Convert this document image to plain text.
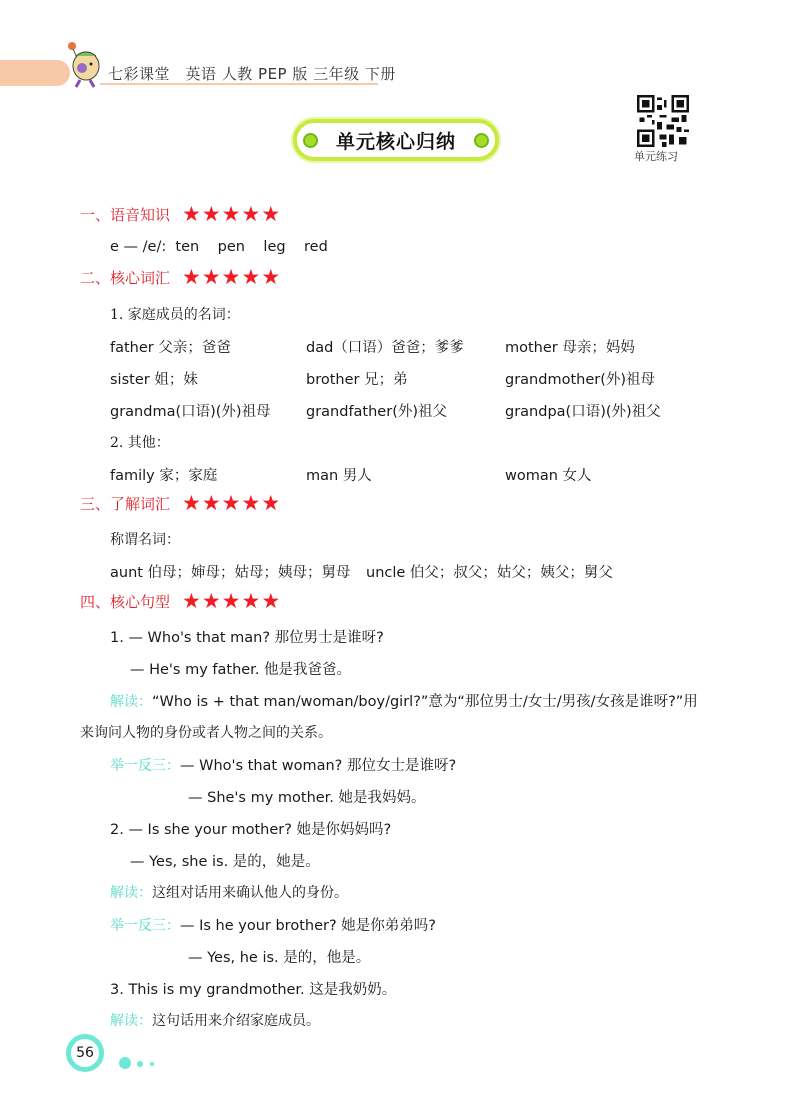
七彩课堂　英语 人教 PEP 版 三年级 下册
单元核心归纳
单元练习
一、语音知识 ★★★★★
e — /e/:  ten    pen    leg    red
二、核心词汇 ★★★★★
1. 家庭成员的名词：
father 父亲；爸爸	dad（口语）爸爸；爹爹	mother 母亲；妈妈
sister 姐；妹	brother 兄；弟	grandmother(外)祖母
grandma(口语)(外)祖母 grandfather(外)祖父	grandpa(口语)(外)祖父
2. 其他：
family 家；家庭	man 男人	woman 女人
三、了解词汇 ★★★★★
称谓名词：
aunt 伯母；婶母；姑母；姨母；舅母 uncle 伯父；叔父；姑父；姨父；舅父
四、核心句型 ★★★★★
1. — Who's that man? 那位男士是谁呀?
— He's my father. 他是我爸爸。
解读：“Who is + that man/woman/boy/girl?”意为“那位男士/女士/男孩/女孩是谁呀?”用
来询问人物的身份或者人物之间的关系。
举一反三：— Who's that woman? 那位女士是谁呀?
— She's my mother. 她是我妈妈。
2. — Is she your mother? 她是你妈妈吗?
— Yes, she is. 是的，她是。
解读：这组对话用来确认他人的身份。
举一反三：— Is he your brother? 她是你弟弟吗?
— Yes, he is. 是的，他是。
3. This is my grandmother. 这是我奶奶。
解读：这句话用来介绍家庭成员。
56
